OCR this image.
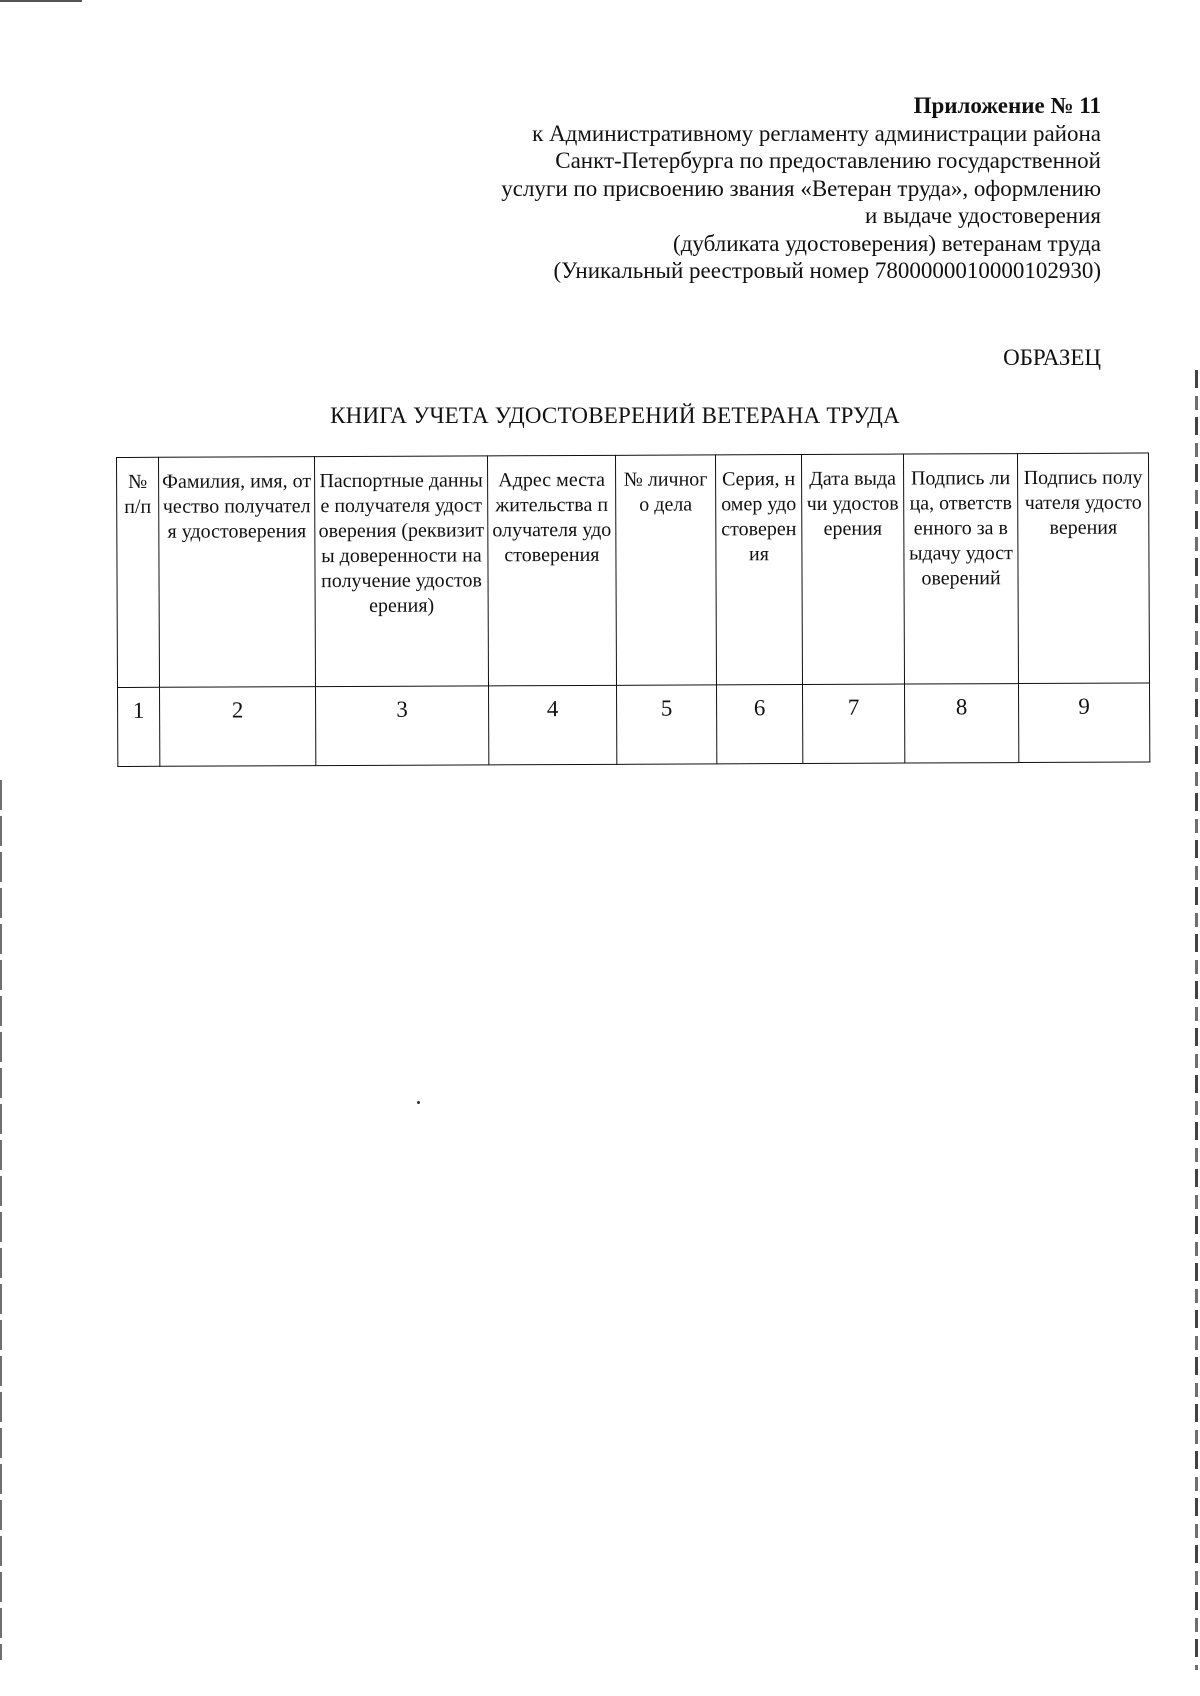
Приложение № 11
к Административному регламенту администрации района
Санкт-Петербурга по предоставлению государственной
услуги по присвоению звания «Ветеран труда», оформлению
и выдаче удостоверения
(дубликата удостоверения) ветеранам труда
(Уникальный реестровый номер 7800000010000102930)
ОБРАЗЕЦ
КНИГА УЧЕТА УДОСТОВЕРЕНИЙ ВЕТЕРАНА ТРУДА
№ п/п	Фамилия, имя, отчество получателя удостоверения	Паспортные данные получателя удостоверения (реквизиты доверенности на получение удостоверения)	Адрес места жительства получателя удостоверения	№ личного дела	Серия, номер удостоверения	Дата выдачи удостоверения	Подпись лица, ответственного за выдачу удостоверений	Подпись получателя удостоверения
1	2	3	4	5	6	7	8	9
